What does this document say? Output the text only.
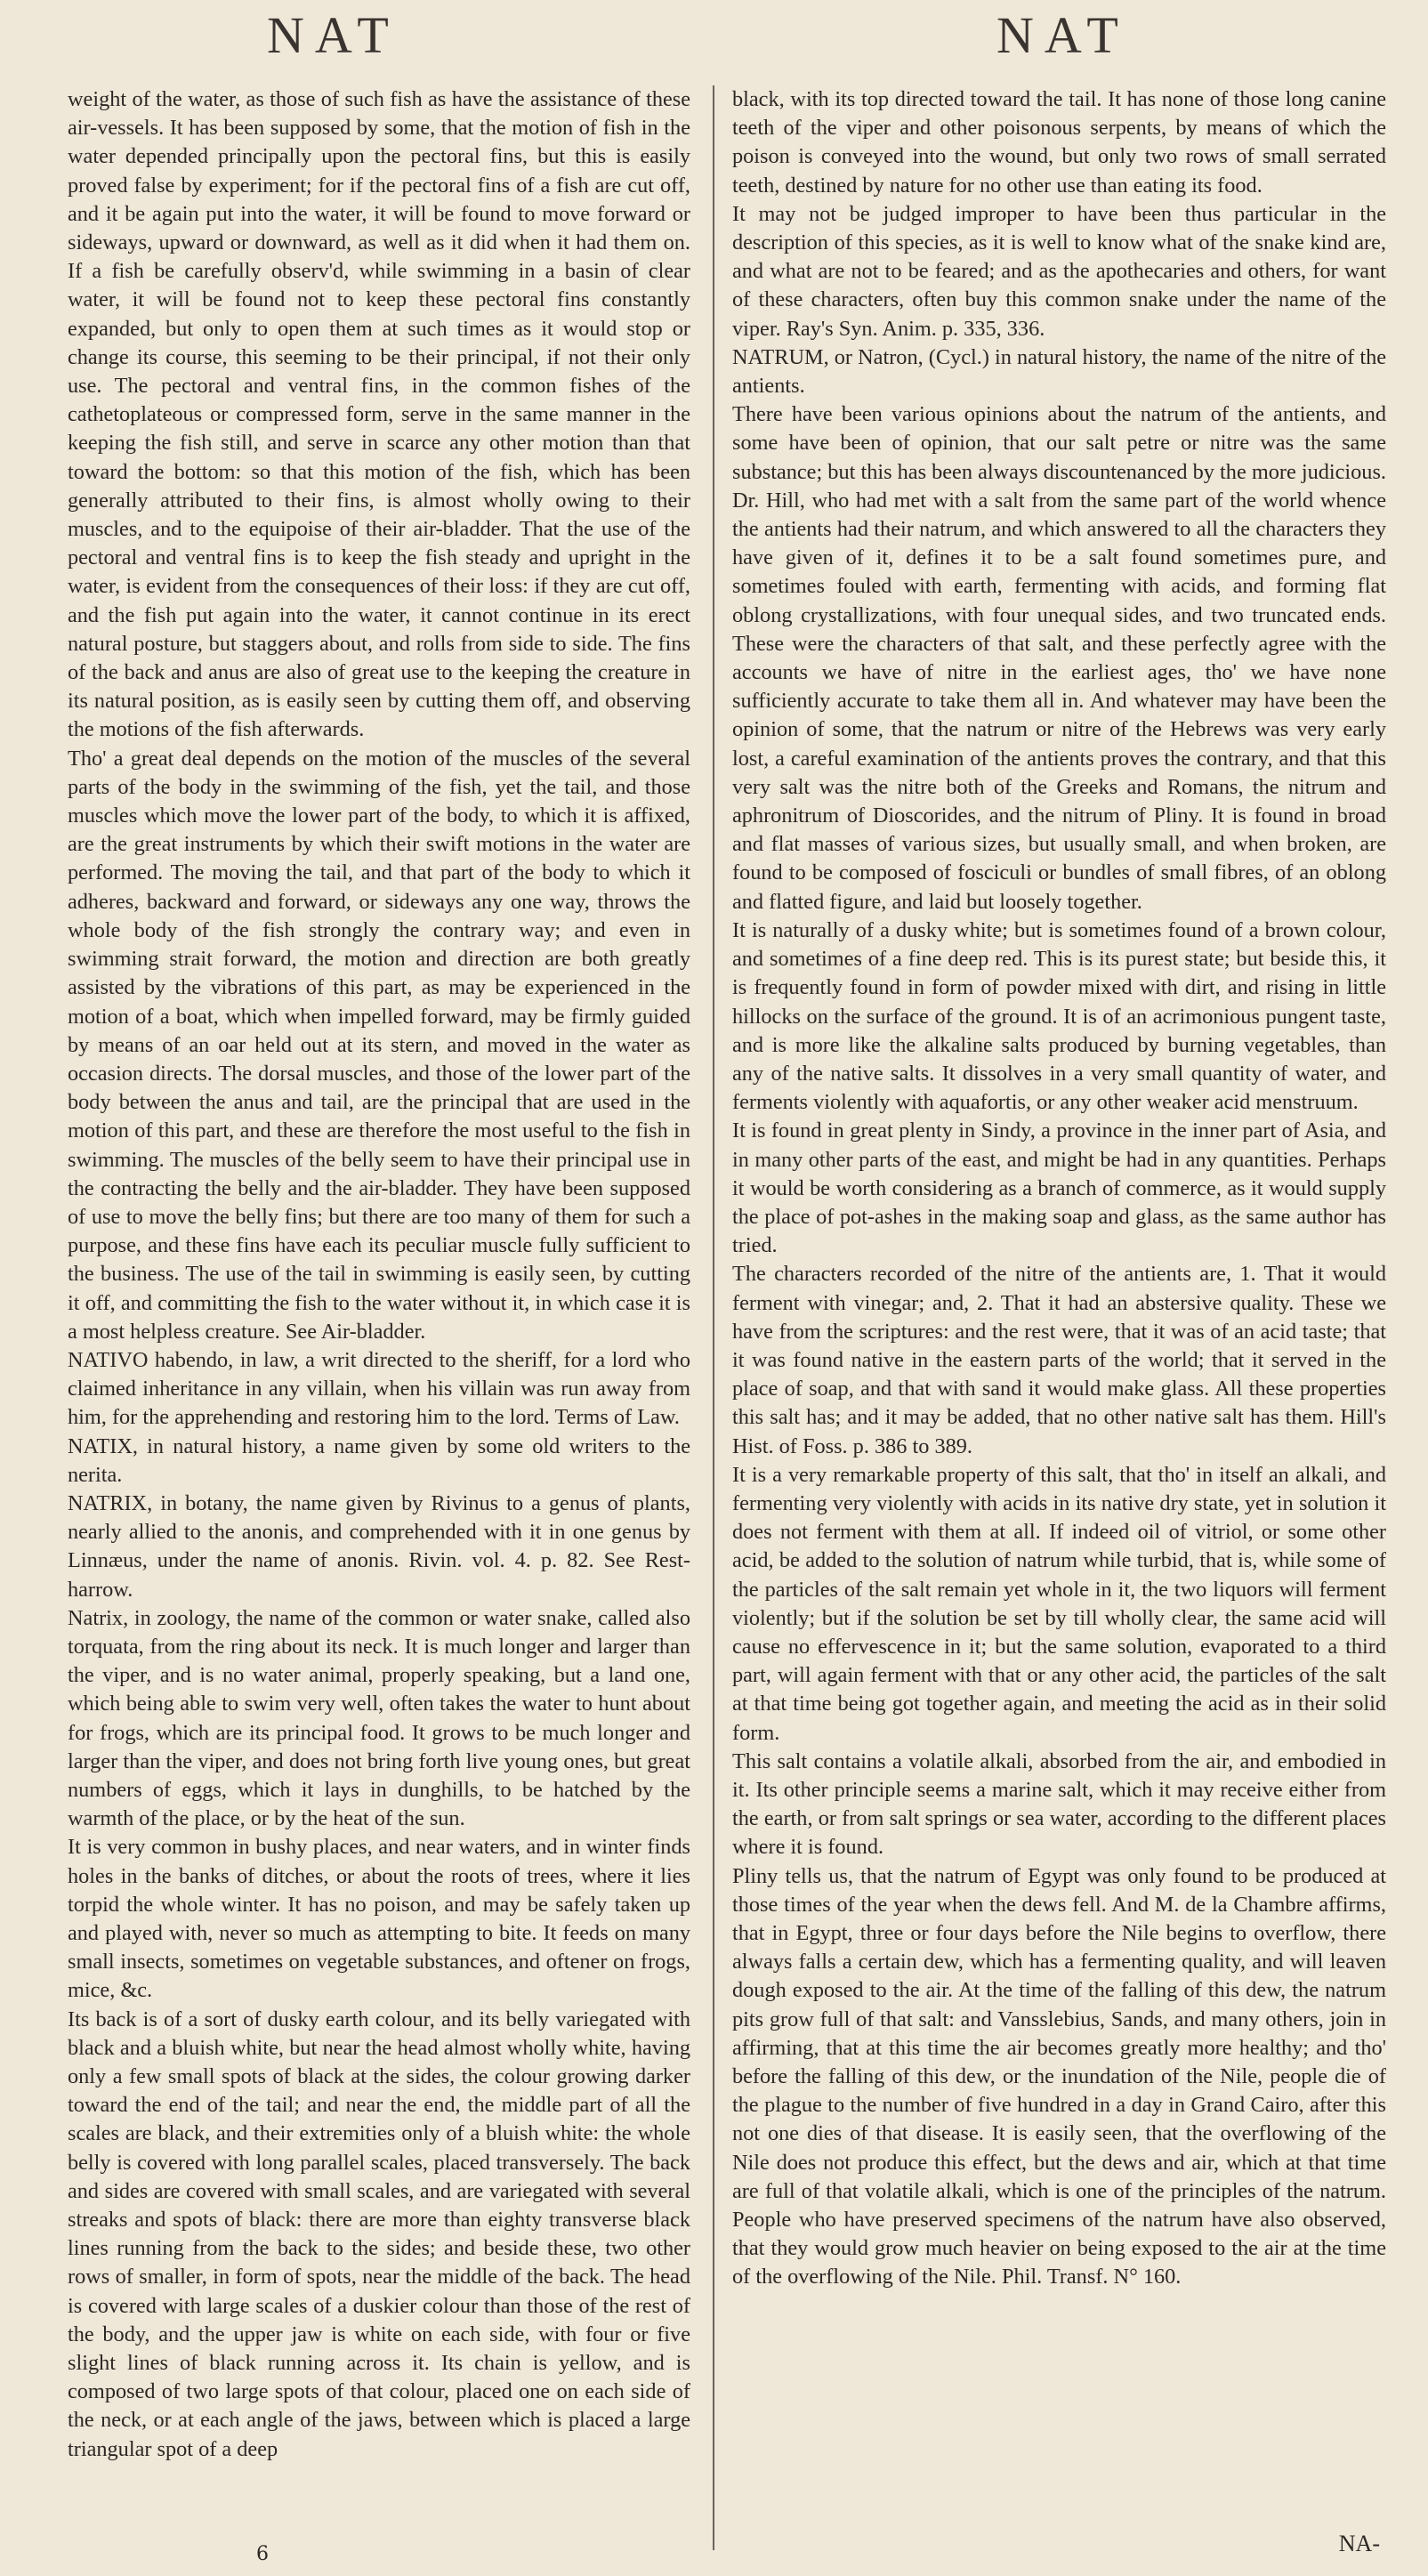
NAT	NAT

weight of the water, as those of such fish as have the assistance of these air-vessels. It has been supposed by some, that the motion of fish in the water depended principally upon the pectoral fins, but this is easily proved false by experiment; for if the pectoral fins of a fish are cut off, and it be again put into the water, it will be found to move forward or sideways, upward or downward, as well as it did when it had them on. If a fish be carefully observ'd, while swimming in a basin of clear water, it will be found not to keep these pectoral fins constantly expanded, but only to open them at such times as it would stop or change its course, this seeming to be their principal, if not their only use. The pectoral and ventral fins, in the common fishes of the cathetoplateous or compressed form, serve in the same manner in the keeping the fish still, and serve in scarce any other motion than that toward the bottom: so that this motion of the fish, which has been generally attributed to their fins, is almost wholly owing to their muscles, and to the equipoise of their air-bladder. That the use of the pectoral and ventral fins is to keep the fish steady and upright in the water, is evident from the consequences of their loss: if they are cut off, and the fish put again into the water, it cannot continue in its erect natural posture, but staggers about, and rolls from side to side. The fins of the back and anus are also of great use to the keeping the creature in its natural position, as is easily seen by cutting them off, and observing the motions of the fish afterwards.

Tho' a great deal depends on the motion of the muscles of the several parts of the body in the swimming of the fish, yet the tail, and those muscles which move the lower part of the body, to which it is affixed, are the great instruments by which their swift motions in the water are performed. The moving the tail, and that part of the body to which it adheres, backward and forward, or sideways any one way, throws the whole body of the fish strongly the contrary way; and even in swimming strait forward, the motion and direction are both greatly assisted by the vibrations of this part, as may be experienced in the motion of a boat, which when impelled forward, may be firmly guided by means of an oar held out at its stern, and moved in the water as occasion directs. The dorsal muscles, and those of the lower part of the body between the anus and tail, are the principal that are used in the motion of this part, and these are therefore the most useful to the fish in swimming. The muscles of the belly seem to have their principal use in the contracting the belly and the air-bladder. They have been supposed of use to move the belly fins; but there are too many of them for such a purpose, and these fins have each its peculiar muscle fully sufficient to the business. The use of the tail in swimming is easily seen, by cutting it off, and committing the fish to the water without it, in which case it is a most helpless creature. See Air-bladder.

NATIVO habendo, in law, a writ directed to the sheriff, for a lord who claimed inheritance in any villain, when his villain was run away from him, for the apprehending and restoring him to the lord. Terms of Law.

NATIX, in natural history, a name given by some old writers to the nerita.

NATRIX, in botany, the name given by Rivinus to a genus of plants, nearly allied to the anonis, and comprehended with it in one genus by Linnæus, under the name of anonis. Rivin. vol. 4. p. 82. See Rest-harrow.

Natrix, in zoology, the name of the common or water snake, called also torquata, from the ring about its neck. It is much longer and larger than the viper, and is no water animal, properly speaking, but a land one, which being able to swim very well, often takes the water to hunt about for frogs, which are its principal food. It grows to be much longer and larger than the viper, and does not bring forth live young ones, but great numbers of eggs, which it lays in dunghills, to be hatched by the warmth of the place, or by the heat of the sun.

It is very common in bushy places, and near waters, and in winter finds holes in the banks of ditches, or about the roots of trees, where it lies torpid the whole winter. It has no poison, and may be safely taken up and played with, never so much as attempting to bite. It feeds on many small insects, sometimes on vegetable substances, and oftener on frogs, mice, &c.

Its back is of a sort of dusky earth colour, and its belly variegated with black and a bluish white, but near the head almost wholly white, having only a few small spots of black at the sides, the colour growing darker toward the end of the tail; and near the end, the middle part of all the scales are black, and their extremities only of a bluish white: the whole belly is covered with long parallel scales, placed transversely. The back and sides are covered with small scales, and are variegated with several streaks and spots of black: there are more than eighty transverse black lines running from the back to the sides; and beside these, two other rows of smaller, in form of spots, near the middle of the back. The head is covered with large scales of a duskier colour than those of the rest of the body, and the upper jaw is white on each side, with four or five slight lines of black running across it. Its chain is yellow, and is composed of two large spots of that colour, placed one on each side of the neck, or at each angle of the jaws, between which is placed a large triangular spot of a deep

black, with its top directed toward the tail. It has none of those long canine teeth of the viper and other poisonous serpents, by means of which the poison is conveyed into the wound, but only two rows of small serrated teeth, destined by nature for no other use than eating its food.

It may not be judged improper to have been thus particular in the description of this species, as it is well to know what of the snake kind are, and what are not to be feared; and as the apothecaries and others, for want of these characters, often buy this common snake under the name of the viper. Ray's Syn. Anim. p. 335, 336.

NATRUM, or Natron, (Cycl.) in natural history, the name of the nitre of the antients.

There have been various opinions about the natrum of the antients, and some have been of opinion, that our salt petre or nitre was the same substance; but this has been always discountenanced by the more judicious. Dr. Hill, who had met with a salt from the same part of the world whence the antients had their natrum, and which answered to all the characters they have given of it, defines it to be a salt found sometimes pure, and sometimes fouled with earth, fermenting with acids, and forming flat oblong crystallizations, with four unequal sides, and two truncated ends. These were the characters of that salt, and these perfectly agree with the accounts we have of nitre in the earliest ages, tho' we have none sufficiently accurate to take them all in. And whatever may have been the opinion of some, that the natrum or nitre of the Hebrews was very early lost, a careful examination of the antients proves the contrary, and that this very salt was the nitre both of the Greeks and Romans, the nitrum and aphronitrum of Dioscorides, and the nitrum of Pliny. It is found in broad and flat masses of various sizes, but usually small, and when broken, are found to be composed of fosciculi or bundles of small fibres, of an oblong and flatted figure, and laid but loosely together.

It is naturally of a dusky white; but is sometimes found of a brown colour, and sometimes of a fine deep red. This is its purest state; but beside this, it is frequently found in form of powder mixed with dirt, and rising in little hillocks on the surface of the ground. It is of an acrimonious pungent taste, and is more like the alkaline salts produced by burning vegetables, than any of the native salts. It dissolves in a very small quantity of water, and ferments violently with aquafortis, or any other weaker acid menstruum.

It is found in great plenty in Sindy, a province in the inner part of Asia, and in many other parts of the east, and might be had in any quantities. Perhaps it would be worth considering as a branch of commerce, as it would supply the place of pot-ashes in the making soap and glass, as the same author has tried.

The characters recorded of the nitre of the antients are, 1. That it would ferment with vinegar; and, 2. That it had an abstersive quality. These we have from the scriptures: and the rest were, that it was of an acid taste; that it was found native in the eastern parts of the world; that it served in the place of soap, and that with sand it would make glass. All these properties this salt has; and it may be added, that no other native salt has them. Hill's Hist. of Foss. p. 386 to 389.

It is a very remarkable property of this salt, that tho' in itself an alkali, and fermenting very violently with acids in its native dry state, yet in solution it does not ferment with them at all. If indeed oil of vitriol, or some other acid, be added to the solution of natrum while turbid, that is, while some of the particles of the salt remain yet whole in it, the two liquors will ferment violently; but if the solution be set by till wholly clear, the same acid will cause no effervescence in it; but the same solution, evaporated to a third part, will again ferment with that or any other acid, the particles of the salt at that time being got together again, and meeting the acid as in their solid form.

This salt contains a volatile alkali, absorbed from the air, and embodied in it. Its other principle seems a marine salt, which it may receive either from the earth, or from salt springs or sea water, according to the different places where it is found.

Pliny tells us, that the natrum of Egypt was only found to be produced at those times of the year when the dews fell. And M. de la Chambre affirms, that in Egypt, three or four days before the Nile begins to overflow, there always falls a certain dew, which has a fermenting quality, and will leaven dough exposed to the air. At the time of the falling of this dew, the natrum pits grow full of that salt: and Vansslebius, Sands, and many others, join in affirming, that at this time the air becomes greatly more healthy; and tho' before the falling of this dew, or the inundation of the Nile, people die of the plague to the number of five hundred in a day in Grand Cairo, after this not one dies of that disease. It is easily seen, that the overflowing of the Nile does not produce this effect, but the dews and air, which at that time are full of that volatile alkali, which is one of the principles of the natrum. People who have preserved specimens of the natrum have also observed, that they would grow much heavier on being exposed to the air at the time of the overflowing of the Nile. Phil. Transf. N° 160.

6	NA-
